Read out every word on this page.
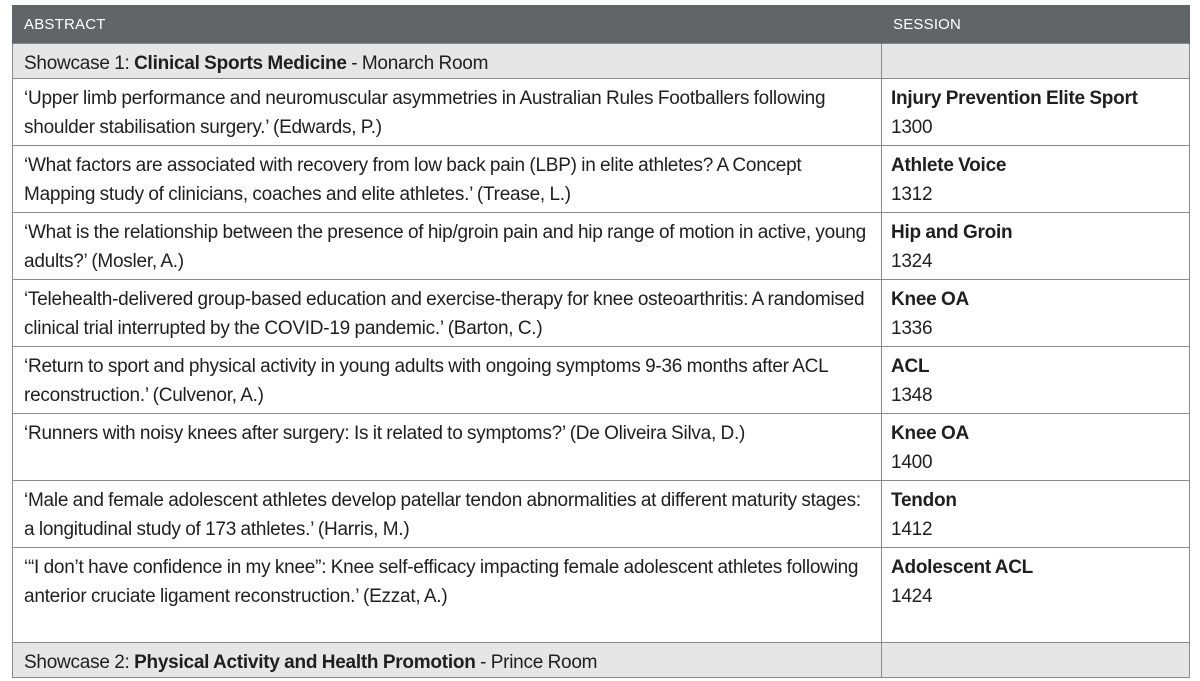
ABSTRACT	SESSION
Showcase 1: Clinical Sports Medicine - Monarch Room	
‘Upper limb performance and neuromuscular asymmetries in Australian Rules Footballers following shoulder stabilisation surgery.’ (Edwards, P.)	Injury Prevention Elite Sport
1300

‘What factors are associated with recovery from low back pain (LBP) in elite athletes? A Concept Mapping study of clinicians, coaches and elite athletes.’ (Trease, L.)	Athlete Voice
1312

‘What is the relationship between the presence of hip/groin pain and hip range of motion in active, young adults?’ (Mosler, A.)	Hip and Groin
1324

‘Telehealth-delivered group-based education and exercise-therapy for knee osteoarthritis: A randomised clinical trial interrupted by the COVID-19 pandemic.’ (Barton, C.)	Knee OA
1336

‘Return to sport and physical activity in young adults with ongoing symptoms 9-36 months after ACL reconstruction.’ (Culvenor, A.)	ACL
1348

‘Runners with noisy knees after surgery: Is it related to symptoms?’ (De Oliveira Silva, D.)	Knee OA
1400

‘Male and female adolescent athletes develop patellar tendon abnormalities at different maturity stages: a longitudinal study of 173 athletes.’ (Harris, M.)	Tendon
1412

‘“I don’t have confidence in my knee”: Knee self-efficacy impacting female adolescent athletes following anterior cruciate ligament reconstruction.’ (Ezzat, A.)	Adolescent ACL
1424

Showcase 2: Physical Activity and Health Promotion - Prince Room	
